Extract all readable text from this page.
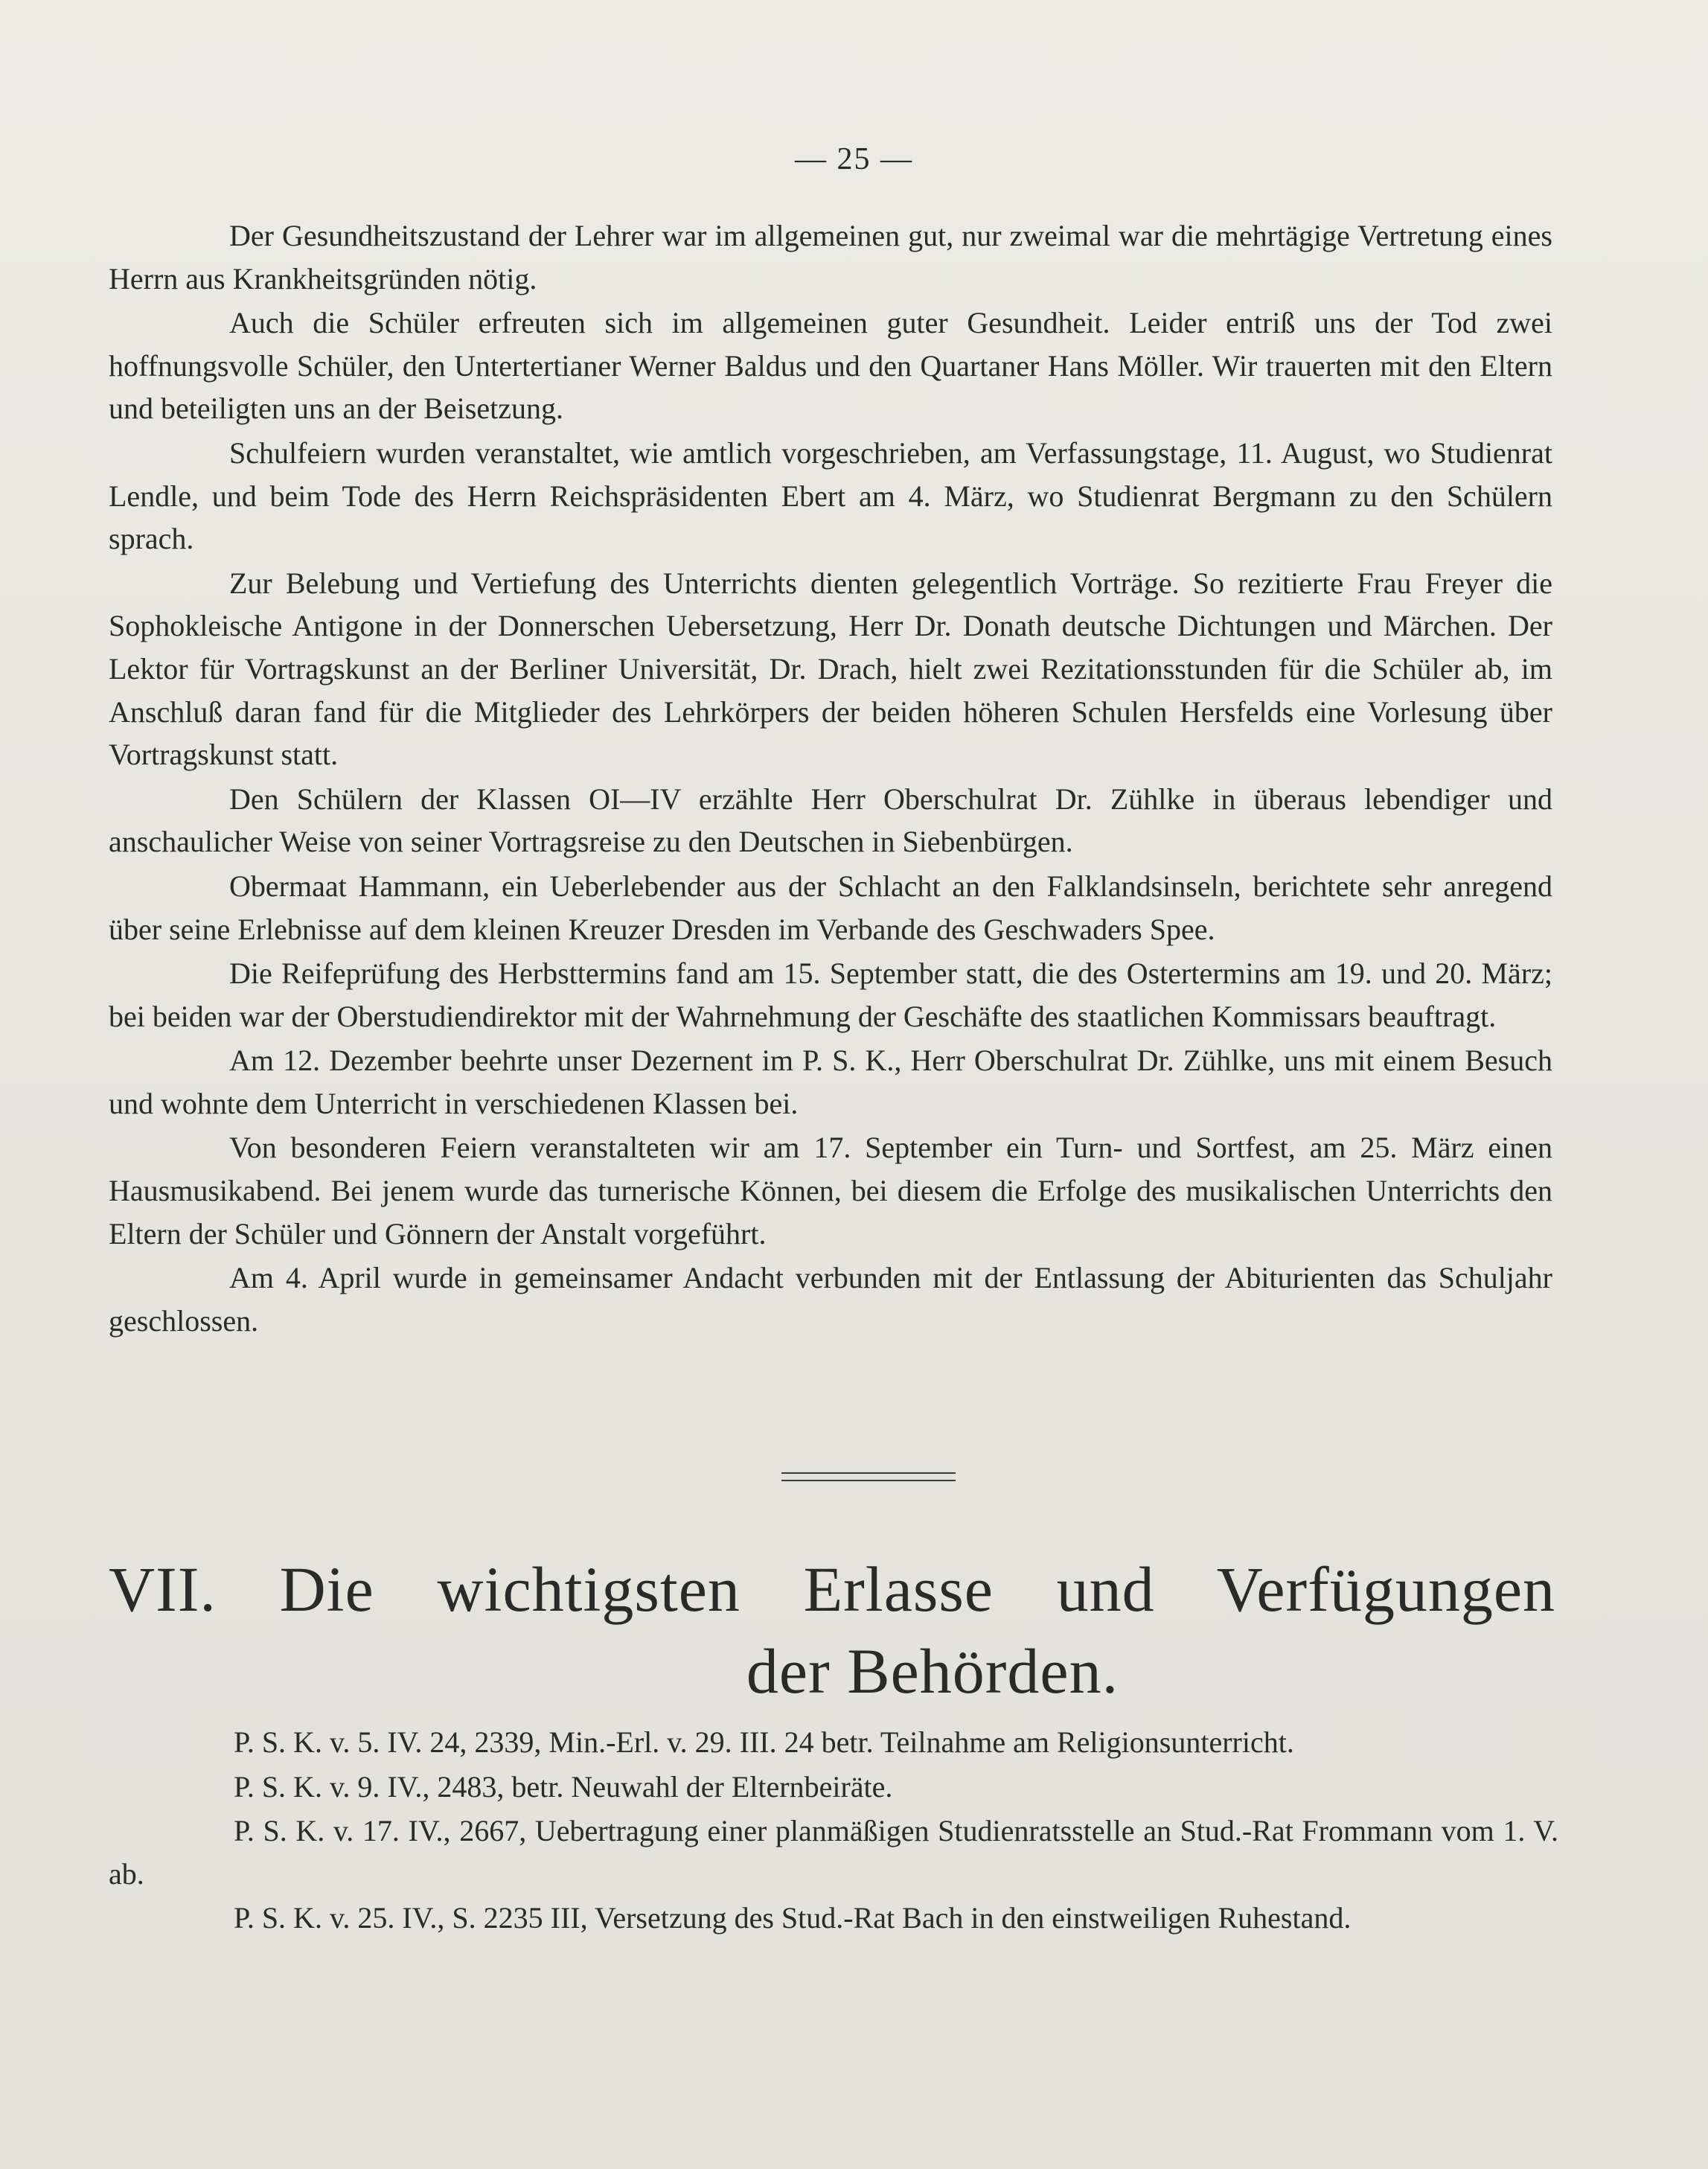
— 25 —

Der Gesundheitszustand der Lehrer war im allgemeinen gut, nur zweimal war die mehrtägige Vertretung eines Herrn aus Krankheitsgründen nötig.

Auch die Schüler erfreuten sich im allgemeinen guter Gesundheit. Leider entriß uns der Tod zwei hoffnungsvolle Schüler, den Untertertianer Werner Baldus und den Quartaner Hans Möller. Wir trauerten mit den Eltern und beteiligten uns an der Beisetzung.

Schulfeiern wurden veranstaltet, wie amtlich vorgeschrieben, am Verfassungstage, 11. August, wo Studienrat Lendle, und beim Tode des Herrn Reichspräsidenten Ebert am 4. März, wo Studienrat Bergmann zu den Schülern sprach.

Zur Belebung und Vertiefung des Unterrichts dienten gelegentlich Vorträge. So rezitierte Frau Freyer die Sophokleische Antigone in der Donnerschen Uebersetzung, Herr Dr. Donath deutsche Dichtungen und Märchen. Der Lektor für Vortragskunst an der Berliner Universität, Dr. Drach, hielt zwei Rezitationsstunden für die Schüler ab, im Anschluß daran fand für die Mitglieder des Lehrkörpers der beiden höheren Schulen Hersfelds eine Vorlesung über Vortragskunst statt.

Den Schülern der Klassen OI—IV erzählte Herr Oberschulrat Dr. Zühlke in überaus lebendiger und anschaulicher Weise von seiner Vortragsreise zu den Deutschen in Siebenbürgen.

Obermaat Hammann, ein Ueberlebender aus der Schlacht an den Falklandsinseln, berichtete sehr anregend über seine Erlebnisse auf dem kleinen Kreuzer Dresden im Verbande des Geschwaders Spee.

Die Reifeprüfung des Herbsttermins fand am 15. September statt, die des Ostertermins am 19. und 20. März; bei beiden war der Oberstudiendirektor mit der Wahrnehmung der Geschäfte des staatlichen Kommissars beauftragt.

Am 12. Dezember beehrte unser Dezernent im P. S. K., Herr Oberschulrat Dr. Zühlke, uns mit einem Besuch und wohnte dem Unterricht in verschiedenen Klassen bei.

Von besonderen Feiern veranstalteten wir am 17. September ein Turn- und Sortfest, am 25. März einen Hausmusikabend. Bei jenem wurde das turnerische Können, bei diesem die Erfolge des musikalischen Unterrichts den Eltern der Schüler und Gönnern der Anstalt vorgeführt.

Am 4. April wurde in gemeinsamer Andacht verbunden mit der Entlassung der Abiturienten das Schuljahr geschlossen.

VII. Die wichtigsten Erlasse und Verfügungen
der Behörden.

P. S. K. v. 5. IV. 24, 2339, Min.-Erl. v. 29. III. 24 betr. Teilnahme am Religionsunterricht.

P. S. K. v. 9. IV., 2483, betr. Neuwahl der Elternbeiräte.

P. S. K. v. 17. IV., 2667, Uebertragung einer planmäßigen Studienratsstelle an Stud.-Rat Frommann vom 1. V. ab.

P. S. K. v. 25. IV., S. 2235 III, Versetzung des Stud.-Rat Bach in den einstweiligen Ruhestand.
